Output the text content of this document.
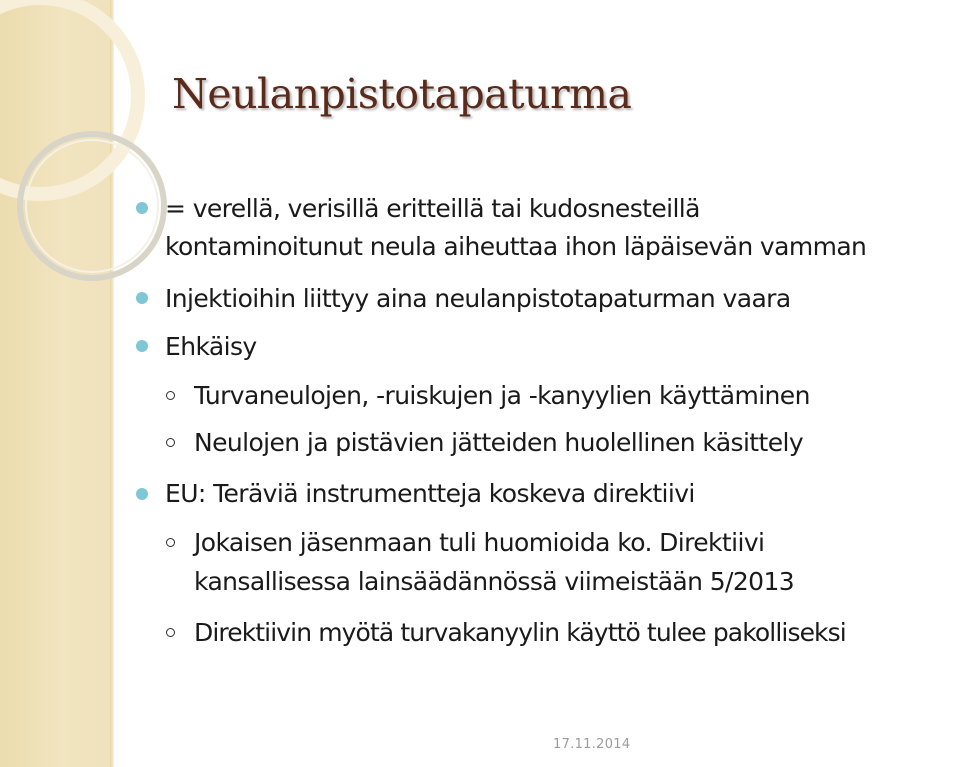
Neulanpistotapaturma
= verellä, verisillä eritteillä tai kudosnesteillä
kontaminoitunut neula aiheuttaa ihon läpäisevän vamman
Injektioihin liittyy aina neulanpistotapaturman vaara
Ehkäisy
Turvaneulojen, -ruiskujen ja -kanyylien käyttäminen
Neulojen ja pistävien jätteiden huolellinen käsittely
EU: Teräviä instrumentteja koskeva direktiivi
Jokaisen jäsenmaan tuli huomioida ko. Direktiivi
kansallisessa lainsäädännössä viimeistään 5/2013
Direktiivin myötä turvakanyylin käyttö tulee pakolliseksi
17.11.2014
